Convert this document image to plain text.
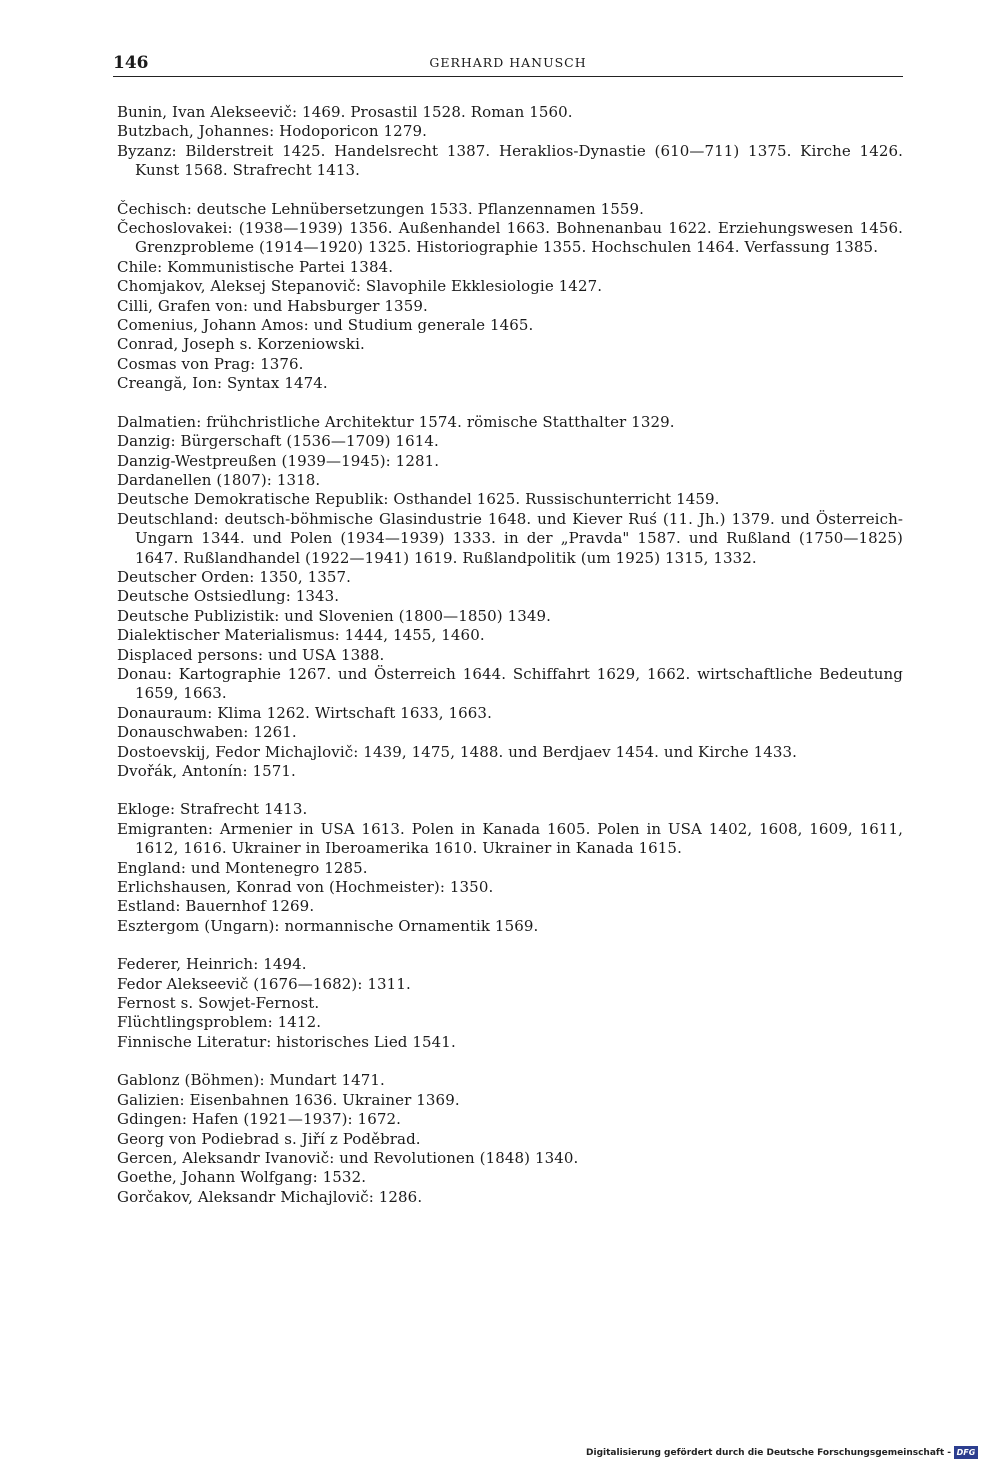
146	GERHARD HANUSCH
Bunin, Ivan Alekseevič: 1469. Prosastil 1528. Roman 1560.
Butzbach, Johannes: Hodoporicon 1279.
Byzanz: Bilderstreit 1425. Handelsrecht 1387. Heraklios-Dynastie (610—711) 1375. Kirche 1426. Kunst 1568. Strafrecht 1413.
Čechisch: deutsche Lehnübersetzungen 1533. Pflanzennamen 1559.
Čechoslovakei: (1938—1939) 1356. Außenhandel 1663. Bohnenanbau 1622. Erziehungswesen 1456. Grenzprobleme (1914—1920) 1325. Historiographie 1355. Hochschulen 1464. Verfassung 1385.
Chile: Kommunistische Partei 1384.
Chomjakov, Aleksej Stepanovič: Slavophile Ekklesiologie 1427.
Cilli, Grafen von: und Habsburger 1359.
Comenius, Johann Amos: und Studium generale 1465.
Conrad, Joseph s. Korzeniowski.
Cosmas von Prag: 1376.
Creangă, Ion: Syntax 1474.
Dalmatien: frühchristliche Architektur 1574. römische Statthalter 1329.
Danzig: Bürgerschaft (1536—1709) 1614.
Danzig-Westpreußen (1939—1945): 1281.
Dardanellen (1807): 1318.
Deutsche Demokratische Republik: Osthandel 1625. Russischunterricht 1459.
Deutschland: deutsch-böhmische Glasindustrie 1648. und Kiever Ruś (11. Jh.) 1379. und Österreich-Ungarn 1344. und Polen (1934—1939) 1333. in der „Pravda" 1587. und Rußland (1750—1825) 1647. Rußlandhandel (1922—1941) 1619. Rußlandpolitik (um 1925) 1315, 1332.
Deutscher Orden: 1350, 1357.
Deutsche Ostsiedlung: 1343.
Deutsche Publizistik: und Slovenien (1800—1850) 1349.
Dialektischer Materialismus: 1444, 1455, 1460.
Displaced persons: und USA 1388.
Donau: Kartographie 1267. und Österreich 1644. Schiffahrt 1629, 1662. wirtschaftliche Bedeutung 1659, 1663.
Donauraum: Klima 1262. Wirtschaft 1633, 1663.
Donauschwaben: 1261.
Dostoevskij, Fedor Michajlovič: 1439, 1475, 1488. und Berdjaev 1454. und Kirche 1433.
Dvořák, Antonín: 1571.
Ekloge: Strafrecht 1413.
Emigranten: Armenier in USA 1613. Polen in Kanada 1605. Polen in USA 1402, 1608, 1609, 1611, 1612, 1616. Ukrainer in Iberoamerika 1610. Ukrainer in Kanada 1615.
England: und Montenegro 1285.
Erlichshausen, Konrad von (Hochmeister): 1350.
Estland: Bauernhof 1269.
Esztergom (Ungarn): normannische Ornamentik 1569.
Federer, Heinrich: 1494.
Fedor Alekseevič (1676—1682): 1311.
Fernost s. Sowjet-Fernost.
Flüchtlingsproblem: 1412.
Finnische Literatur: historisches Lied 1541.
Gablonz (Böhmen): Mundart 1471.
Galizien: Eisenbahnen 1636. Ukrainer 1369.
Gdingen: Hafen (1921—1937): 1672.
Georg von Podiebrad s. Jiří z Poděbrad.
Gercen, Aleksandr Ivanovič: und Revolutionen (1848) 1340.
Goethe, Johann Wolfgang: 1532.
Gorčakov, Aleksandr Michajlovič: 1286.
Digitalisierung gefördert durch die Deutsche Forschungsgemeinschaft - DFG
